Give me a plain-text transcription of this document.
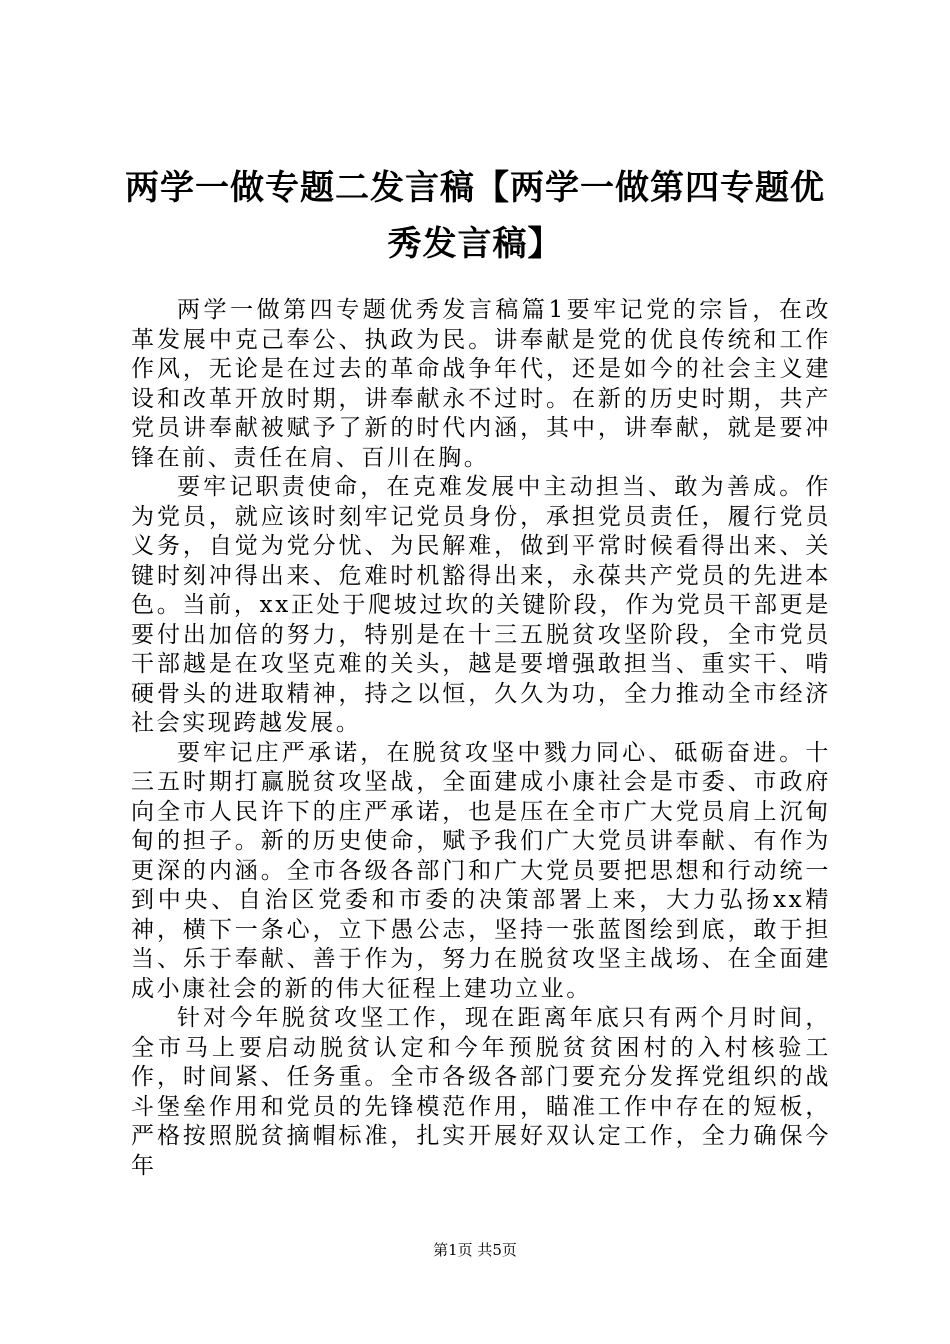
两学一做专题二发言稿【两学一做第四专题优秀发言稿】

两学一做第四专题优秀发言稿篇1要牢记党的宗旨，在改革发展中克己奉公、执政为民。讲奉献是党的优良传统和工作作风，无论是在过去的革命战争年代，还是如今的社会主义建设和改革开放时期，讲奉献永不过时。在新的历史时期，共产党员讲奉献被赋予了新的时代内涵，其中，讲奉献，就是要冲锋在前、责任在肩、百川在胸。

要牢记职责使命，在克难发展中主动担当、敢为善成。作为党员，就应该时刻牢记党员身份，承担党员责任，履行党员义务，自觉为党分忧、为民解难，做到平常时候看得出来、关键时刻冲得出来、危难时机豁得出来，永葆共产党员的先进本色。当前，xx正处于爬坡过坎的关键阶段，作为党员干部更是要付出加倍的努力，特别是在十三五脱贫攻坚阶段，全市党员干部越是在攻坚克难的关头，越是要增强敢担当、重实干、啃硬骨头的进取精神，持之以恒，久久为功，全力推动全市经济社会实现跨越发展。

要牢记庄严承诺，在脱贫攻坚中戮力同心、砥砺奋进。十三五时期打赢脱贫攻坚战，全面建成小康社会是市委、市政府向全市人民许下的庄严承诺，也是压在全市广大党员肩上沉甸甸的担子。新的历史使命，赋予我们广大党员讲奉献、有作为更深的内涵。全市各级各部门和广大党员要把思想和行动统一到中央、自治区党委和市委的决策部署上来，大力弘扬xx精神，横下一条心，立下愚公志，坚持一张蓝图绘到底，敢于担当、乐于奉献、善于作为，努力在脱贫攻坚主战场、在全面建成小康社会的新的伟大征程上建功立业。

针对今年脱贫攻坚工作，现在距离年底只有两个月时间，全市马上要启动脱贫认定和今年预脱贫贫困村的入村核验工作，时间紧、任务重。全市各级各部门要充分发挥党组织的战斗堡垒作用和党员的先锋模范作用，瞄准工作中存在的短板，严格按照脱贫摘帽标准，扎实开展好双认定工作，全力确保今年

第1页 共5页
